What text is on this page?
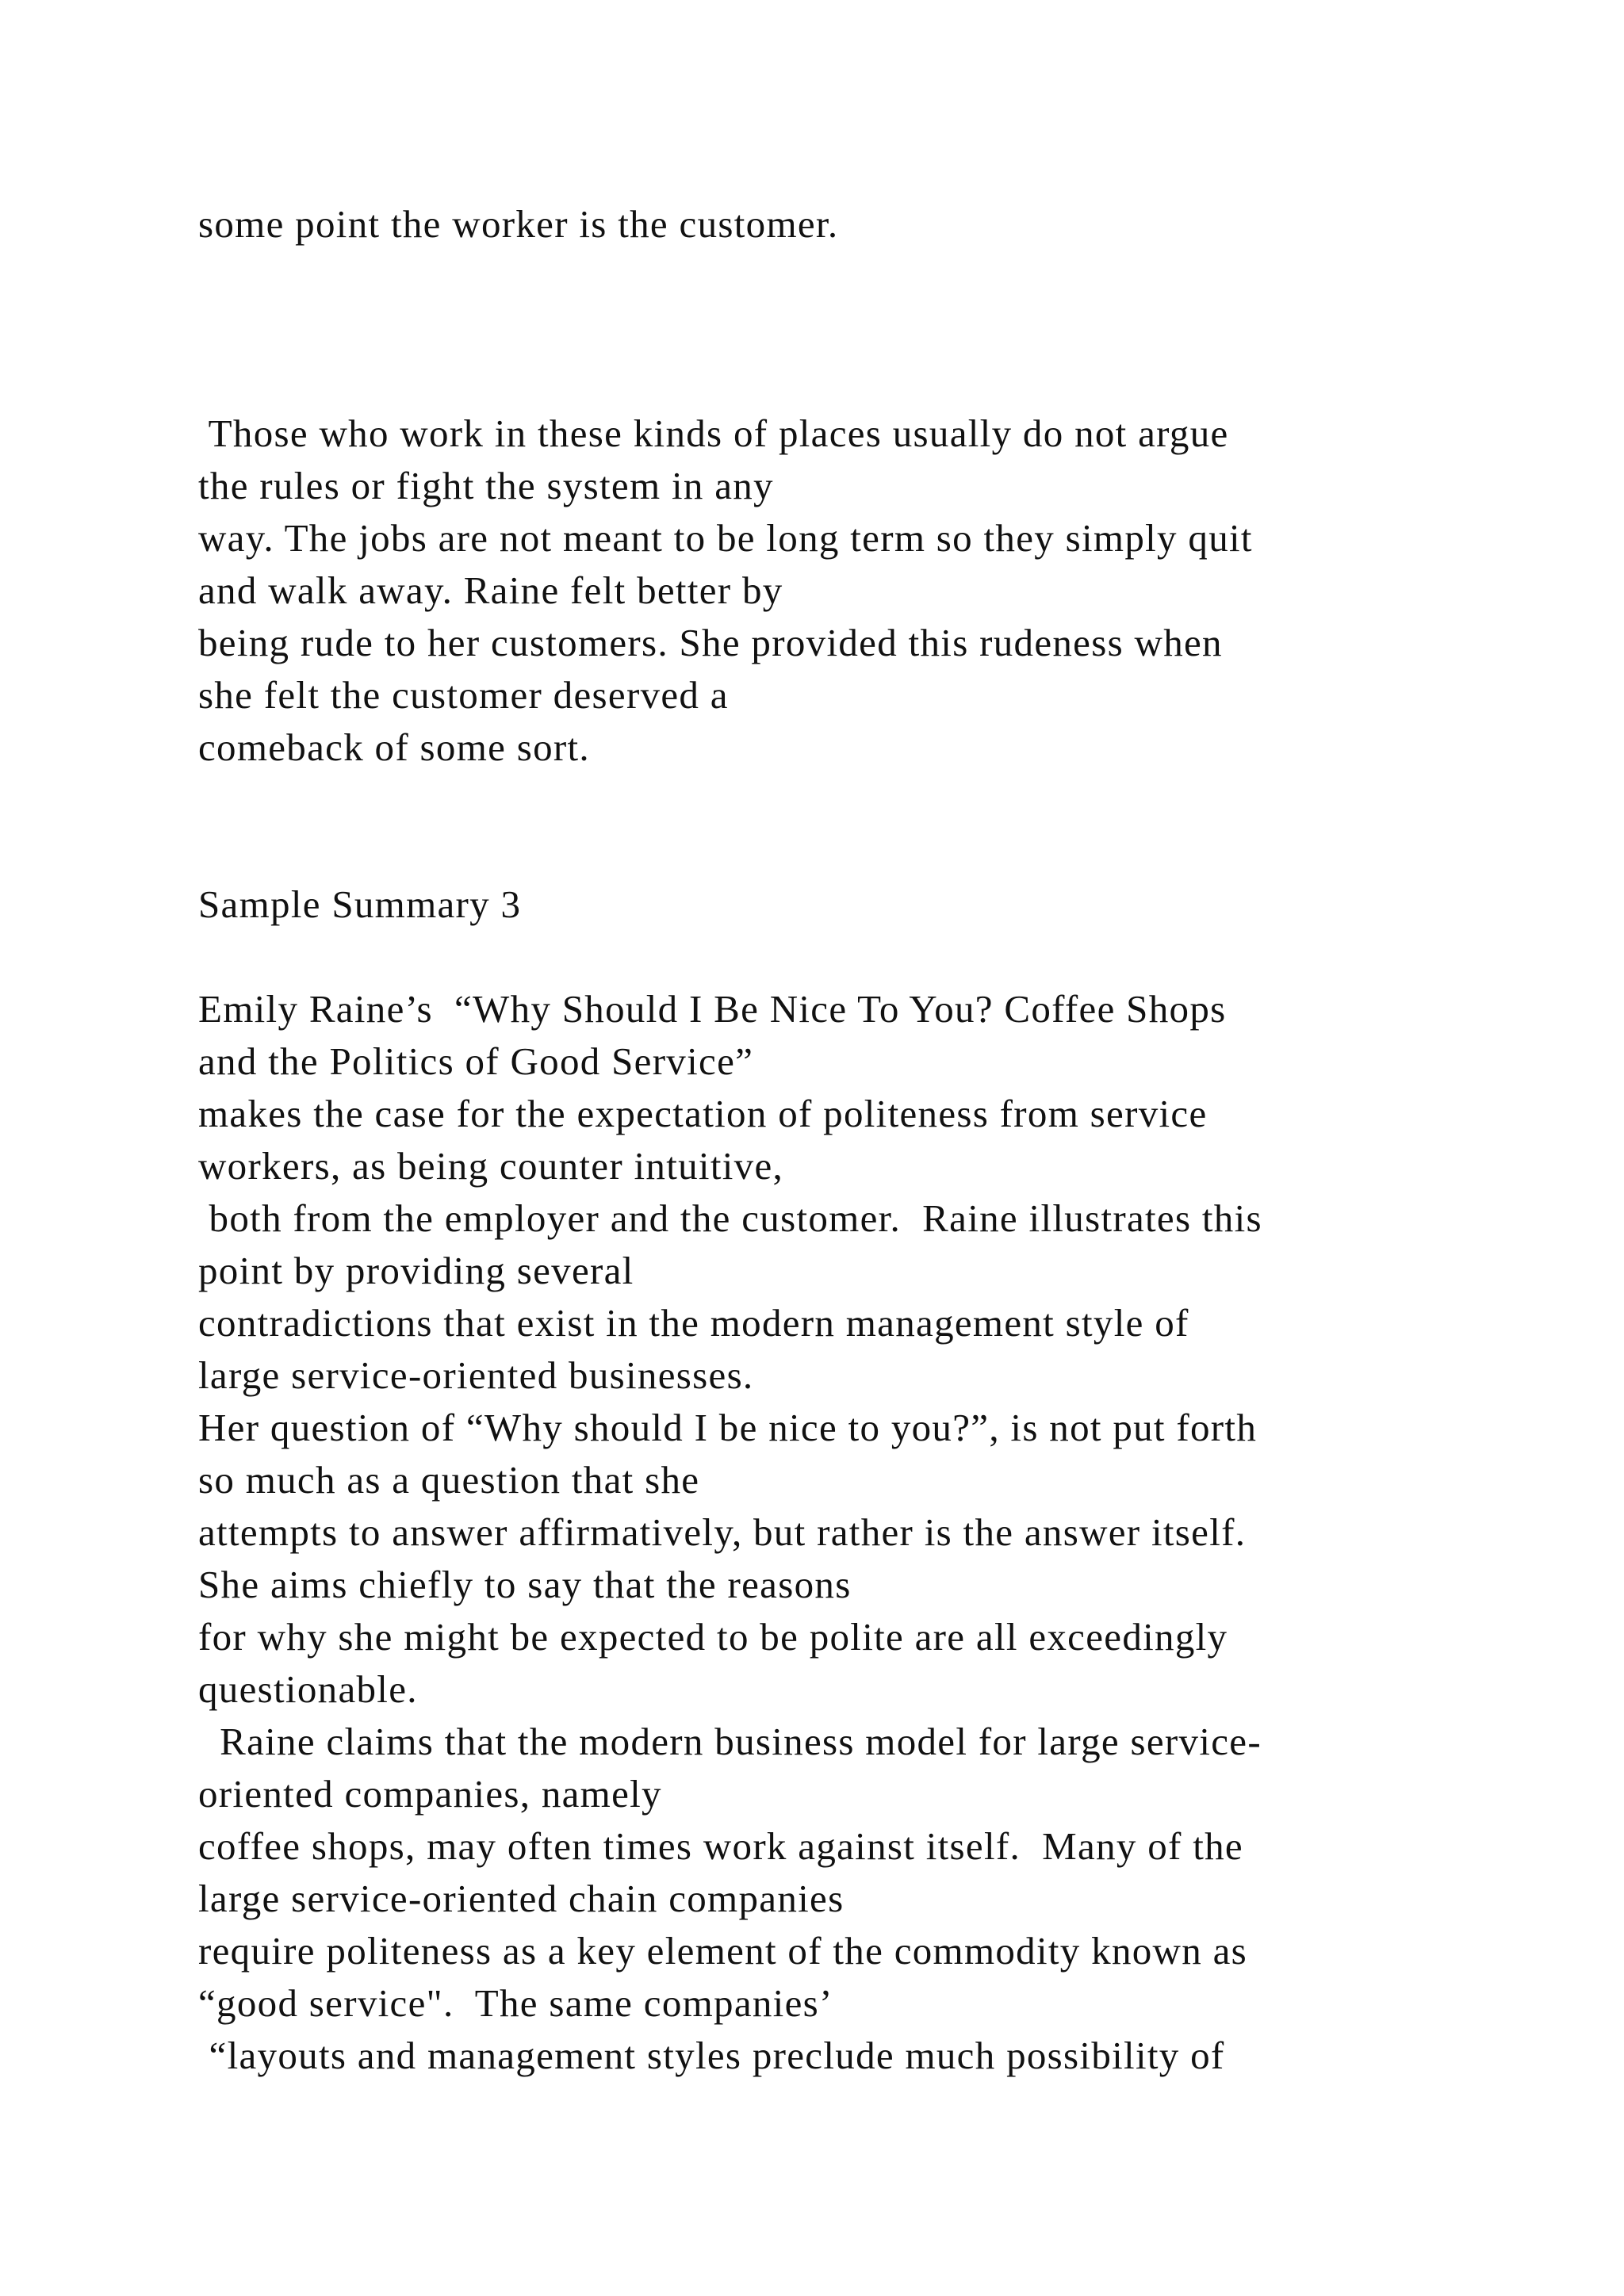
some point the worker is the customer.
Those who work in these kinds of places usually do not argue
the rules or fight the system in any
way. The jobs are not meant to be long term so they simply quit
and walk away. Raine felt better by
being rude to her customers. She provided this rudeness when
she felt the customer deserved a
comeback of some sort.
Sample Summary 3
Emily Raine’s  “Why Should I Be Nice To You? Coffee Shops
and the Politics of Good Service”
makes the case for the expectation of politeness from service
workers, as being counter intuitive,
both from the employer and the customer.  Raine illustrates this
point by providing several
contradictions that exist in the modern management style of
large service-oriented businesses.
Her question of “Why should I be nice to you?”, is not put forth
so much as a question that she
attempts to answer affirmatively, but rather is the answer itself.
She aims chiefly to say that the reasons
for why she might be expected to be polite are all exceedingly
questionable.
Raine claims that the modern business model for large service-
oriented companies, namely
coffee shops, may often times work against itself.  Many of the
large service-oriented chain companies
require politeness as a key element of the commodity known as
“good service".  The same companies’
“layouts and management styles preclude much possibility of
